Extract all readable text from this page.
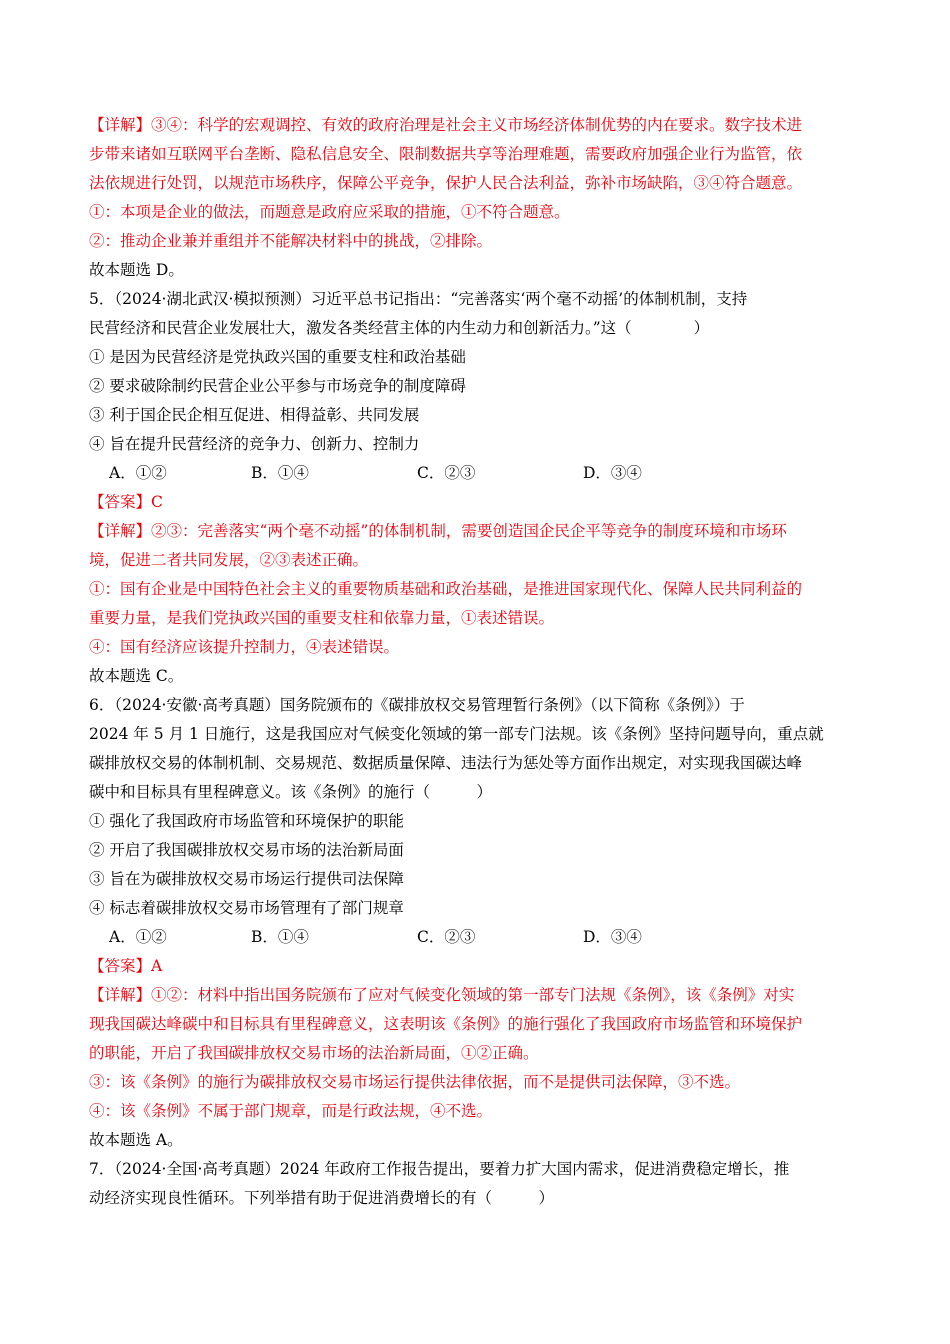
【详解】③④：科学的宏观调控、有效的政府治理是社会主义市场经济体制优势的内在要求。数字技术进
步带来诸如互联网平台垄断、隐私信息安全、限制数据共享等治理难题，需要政府加强企业行为监管，依
法依规进行处罚，以规范市场秩序，保障公平竞争，保护人民合法利益，弥补市场缺陷，③④符合题意。
①：本项是企业的做法，而题意是政府应采取的措施，①不符合题意。
②：推动企业兼并重组并不能解决材料中的挑战，②排除。
故本题选 D。
5．（2024·湖北武汉·模拟预测）习近平总书记指出：“完善落实‘两个毫不动摇’的体制机制，支持
民营经济和民营企业发展壮大，激发各类经营主体的内生动力和创新活力。”这（　　　　）
① 是因为民营经济是党执政兴国的重要支柱和政治基础
② 要求破除制约民营企业公平参与市场竞争的制度障碍
③ 利于国企民企相互促进、相得益彰、共同发展
④ 旨在提升民营经济的竞争力、创新力、控制力
A．①②	B．①④	C．②③	D．③④
【答案】C
【详解】②③：完善落实“两个毫不动摇”的体制机制，需要创造国企民企平等竞争的制度环境和市场环
境，促进二者共同发展，②③表述正确。
①：国有企业是中国特色社会主义的重要物质基础和政治基础，是推进国家现代化、保障人民共同利益的
重要力量，是我们党执政兴国的重要支柱和依靠力量，①表述错误。
④：国有经济应该提升控制力，④表述错误。
故本题选 C。
6．（2024·安徽·高考真题）国务院颁布的《碳排放权交易管理暂行条例》（以下简称《条例》）于
2024 年 5 月 1 日施行，这是我国应对气候变化领域的第一部专门法规。该《条例》坚持问题导向，重点就
碳排放权交易的体制机制、交易规范、数据质量保障、违法行为惩处等方面作出规定，对实现我国碳达峰
碳中和目标具有里程碑意义。该《条例》的施行（　　　）
① 强化了我国政府市场监管和环境保护的职能
② 开启了我国碳排放权交易市场的法治新局面
③ 旨在为碳排放权交易市场运行提供司法保障
④ 标志着碳排放权交易市场管理有了部门规章
A．①②	B．①④	C．②③	D．③④
【答案】A
【详解】①②：材料中指出国务院颁布了应对气候变化领域的第一部专门法规《条例》，该《条例》对实
现我国碳达峰碳中和目标具有里程碑意义，这表明该《条例》的施行强化了我国政府市场监管和环境保护
的职能，开启了我国碳排放权交易市场的法治新局面，①②正确。
③：该《条例》的施行为碳排放权交易市场运行提供法律依据，而不是提供司法保障，③不选。
④：该《条例》不属于部门规章，而是行政法规，④不选。
故本题选 A。
7．（2024·全国·高考真题）2024 年政府工作报告提出，要着力扩大国内需求，促进消费稳定增长，推
动经济实现良性循环。下列举措有助于促进消费增长的有（　　　）
